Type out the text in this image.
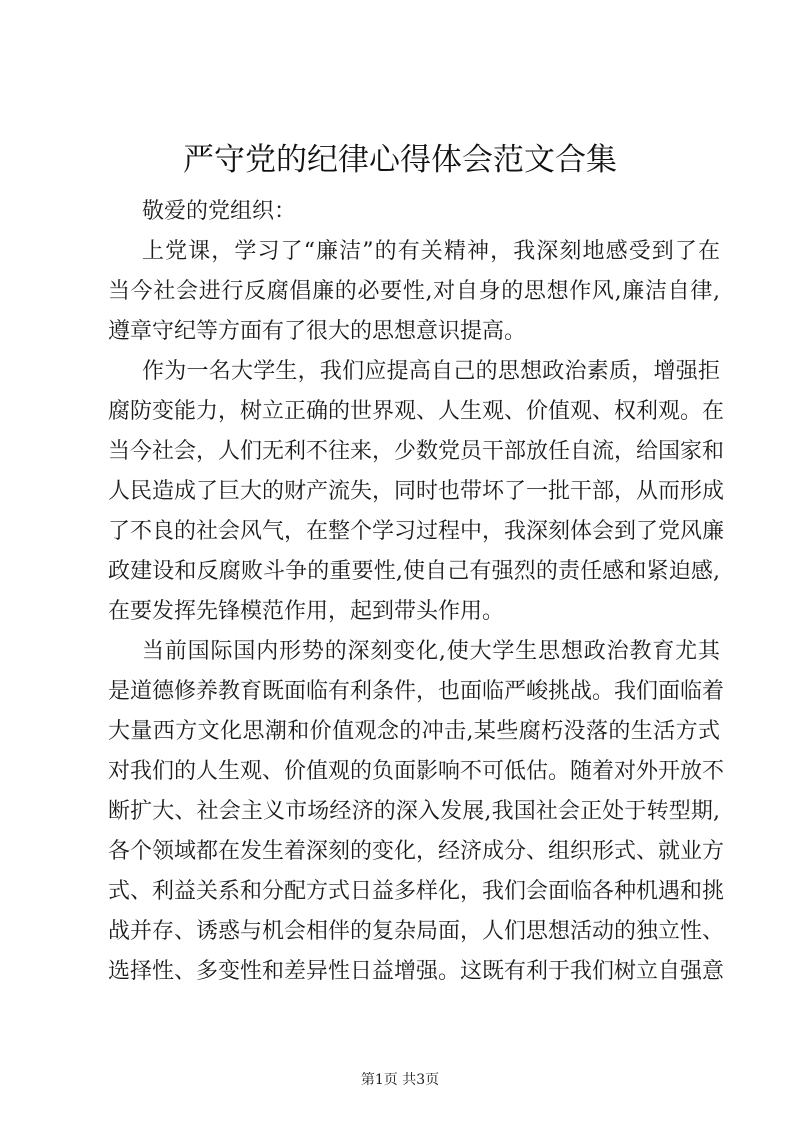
严守党的纪律心得体会范文合集
敬爱的党组织：
上党课，学习了“廉洁”的有关精神，我深刻地感受到了在
当今社会进行反腐倡廉的必要性,对自身的思想作风,廉洁自律,
遵章守纪等方面有了很大的思想意识提高。
作为一名大学生，我们应提高自己的思想政治素质，增强拒
腐防变能力，树立正确的世界观、人生观、价值观、权利观。在
当今社会，人们无利不往来，少数党员干部放任自流，给国家和
人民造成了巨大的财产流失，同时也带坏了一批干部，从而形成
了不良的社会风气，在整个学习过程中，我深刻体会到了党风廉
政建设和反腐败斗争的重要性,使自己有强烈的责任感和紧迫感,
在要发挥先锋模范作用，起到带头作用。
当前国际国内形势的深刻变化,使大学生思想政治教育尤其
是道德修养教育既面临有利条件，也面临严峻挑战。我们面临着
大量西方文化思潮和价值观念的冲击,某些腐朽没落的生活方式
对我们的人生观、价值观的负面影响不可低估。随着对外开放不
断扩大、社会主义市场经济的深入发展,我国社会正处于转型期,
各个领域都在发生着深刻的变化，经济成分、组织形式、就业方
式、利益关系和分配方式日益多样化，我们会面临各种机遇和挑
战并存、诱惑与机会相伴的复杂局面，人们思想活动的独立性、
选择性、多变性和差异性日益增强。这既有利于我们树立自强意
第1页 共3页
